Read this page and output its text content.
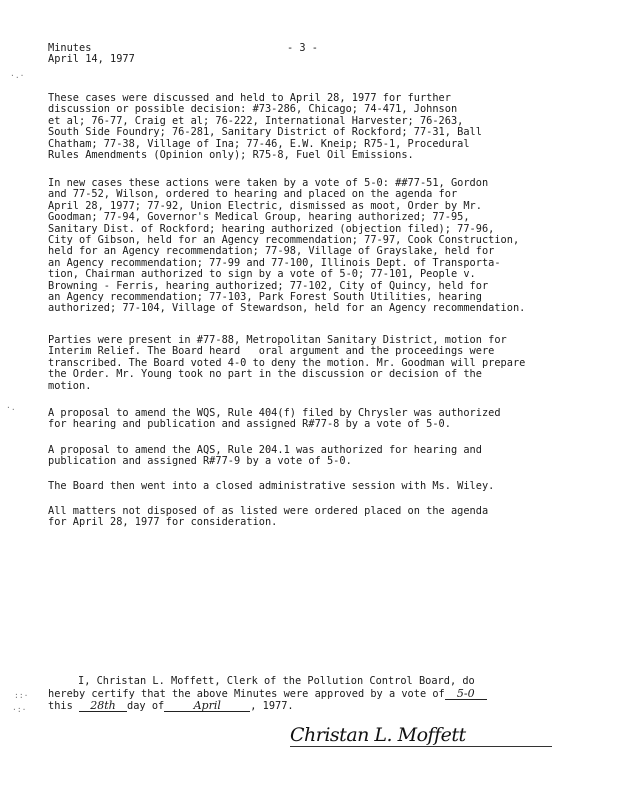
Minutes
April 14, 1977
- 3 -
·.·
·.
::·
·:·
These cases were discussed and held to April 28, 1977 for further
discussion or possible decision: #73-286, Chicago; 74-471, Johnson
et al; 76-77, Craig et al; 76-222, International Harvester; 76-263,
South Side Foundry; 76-281, Sanitary District of Rockford; 77-31, Ball
Chatham; 77-38, Village of Ina; 77-46, E.W. Kneip; R75-1, Procedural
Rules Amendments (Opinion only); R75-8, Fuel Oil Emissions.
In new cases these actions were taken by a vote of 5-0: ##77-51, Gordon
and 77-52, Wilson, ordered to hearing and placed on the agenda for
April 28, 1977; 77-92, Union Electric, dismissed as moot, Order by Mr.
Goodman; 77-94, Governor's Medical Group, hearing authorized; 77-95,
Sanitary Dist. of Rockford; hearing authorized (objection filed); 77-96,
City of Gibson, held for an Agency recommendation; 77-97, Cook Construction,
held for an Agency recommendation; 77-98, Village of Grayslake, held for
an Agency recommendation; 77-99 and 77-100, Illinois Dept. of Transporta-
tion, Chairman authorized to sign by a vote of 5-0; 77-101, People v.
Browning - Ferris, hearing authorized; 77-102, City of Quincy, held for
an Agency recommendation; 77-103, Park Forest South Utilities, hearing
authorized; 77-104, Village of Stewardson, held for an Agency recommendation.
Parties were present in #77-88, Metropolitan Sanitary District, motion for
Interim Relief. The Board heard   oral argument and the proceedings were
transcribed. The Board voted 4-0 to deny the motion. Mr. Goodman will prepare
the Order. Mr. Young took no part in the discussion or decision of the
motion.
A proposal to amend the WQS, Rule 404(f) filed by Chrysler was authorized
for hearing and publication and assigned R#77-8 by a vote of 5-0.
A proposal to amend the AQS, Rule 204.1 was authorized for hearing and
publication and assigned R#77-9 by a vote of 5-0.
The Board then went into a closed administrative session with Ms. Wiley.
All matters not disposed of as listed were ordered placed on the agenda
for April 28, 1977 for consideration.
I, Christan L. Moffett, Clerk of the Pollution Control Board, do
hereby certify that the above Minutes were approved by a vote of 5-0
this 28th day of	April	, 1977.
Christan L. Moffett
